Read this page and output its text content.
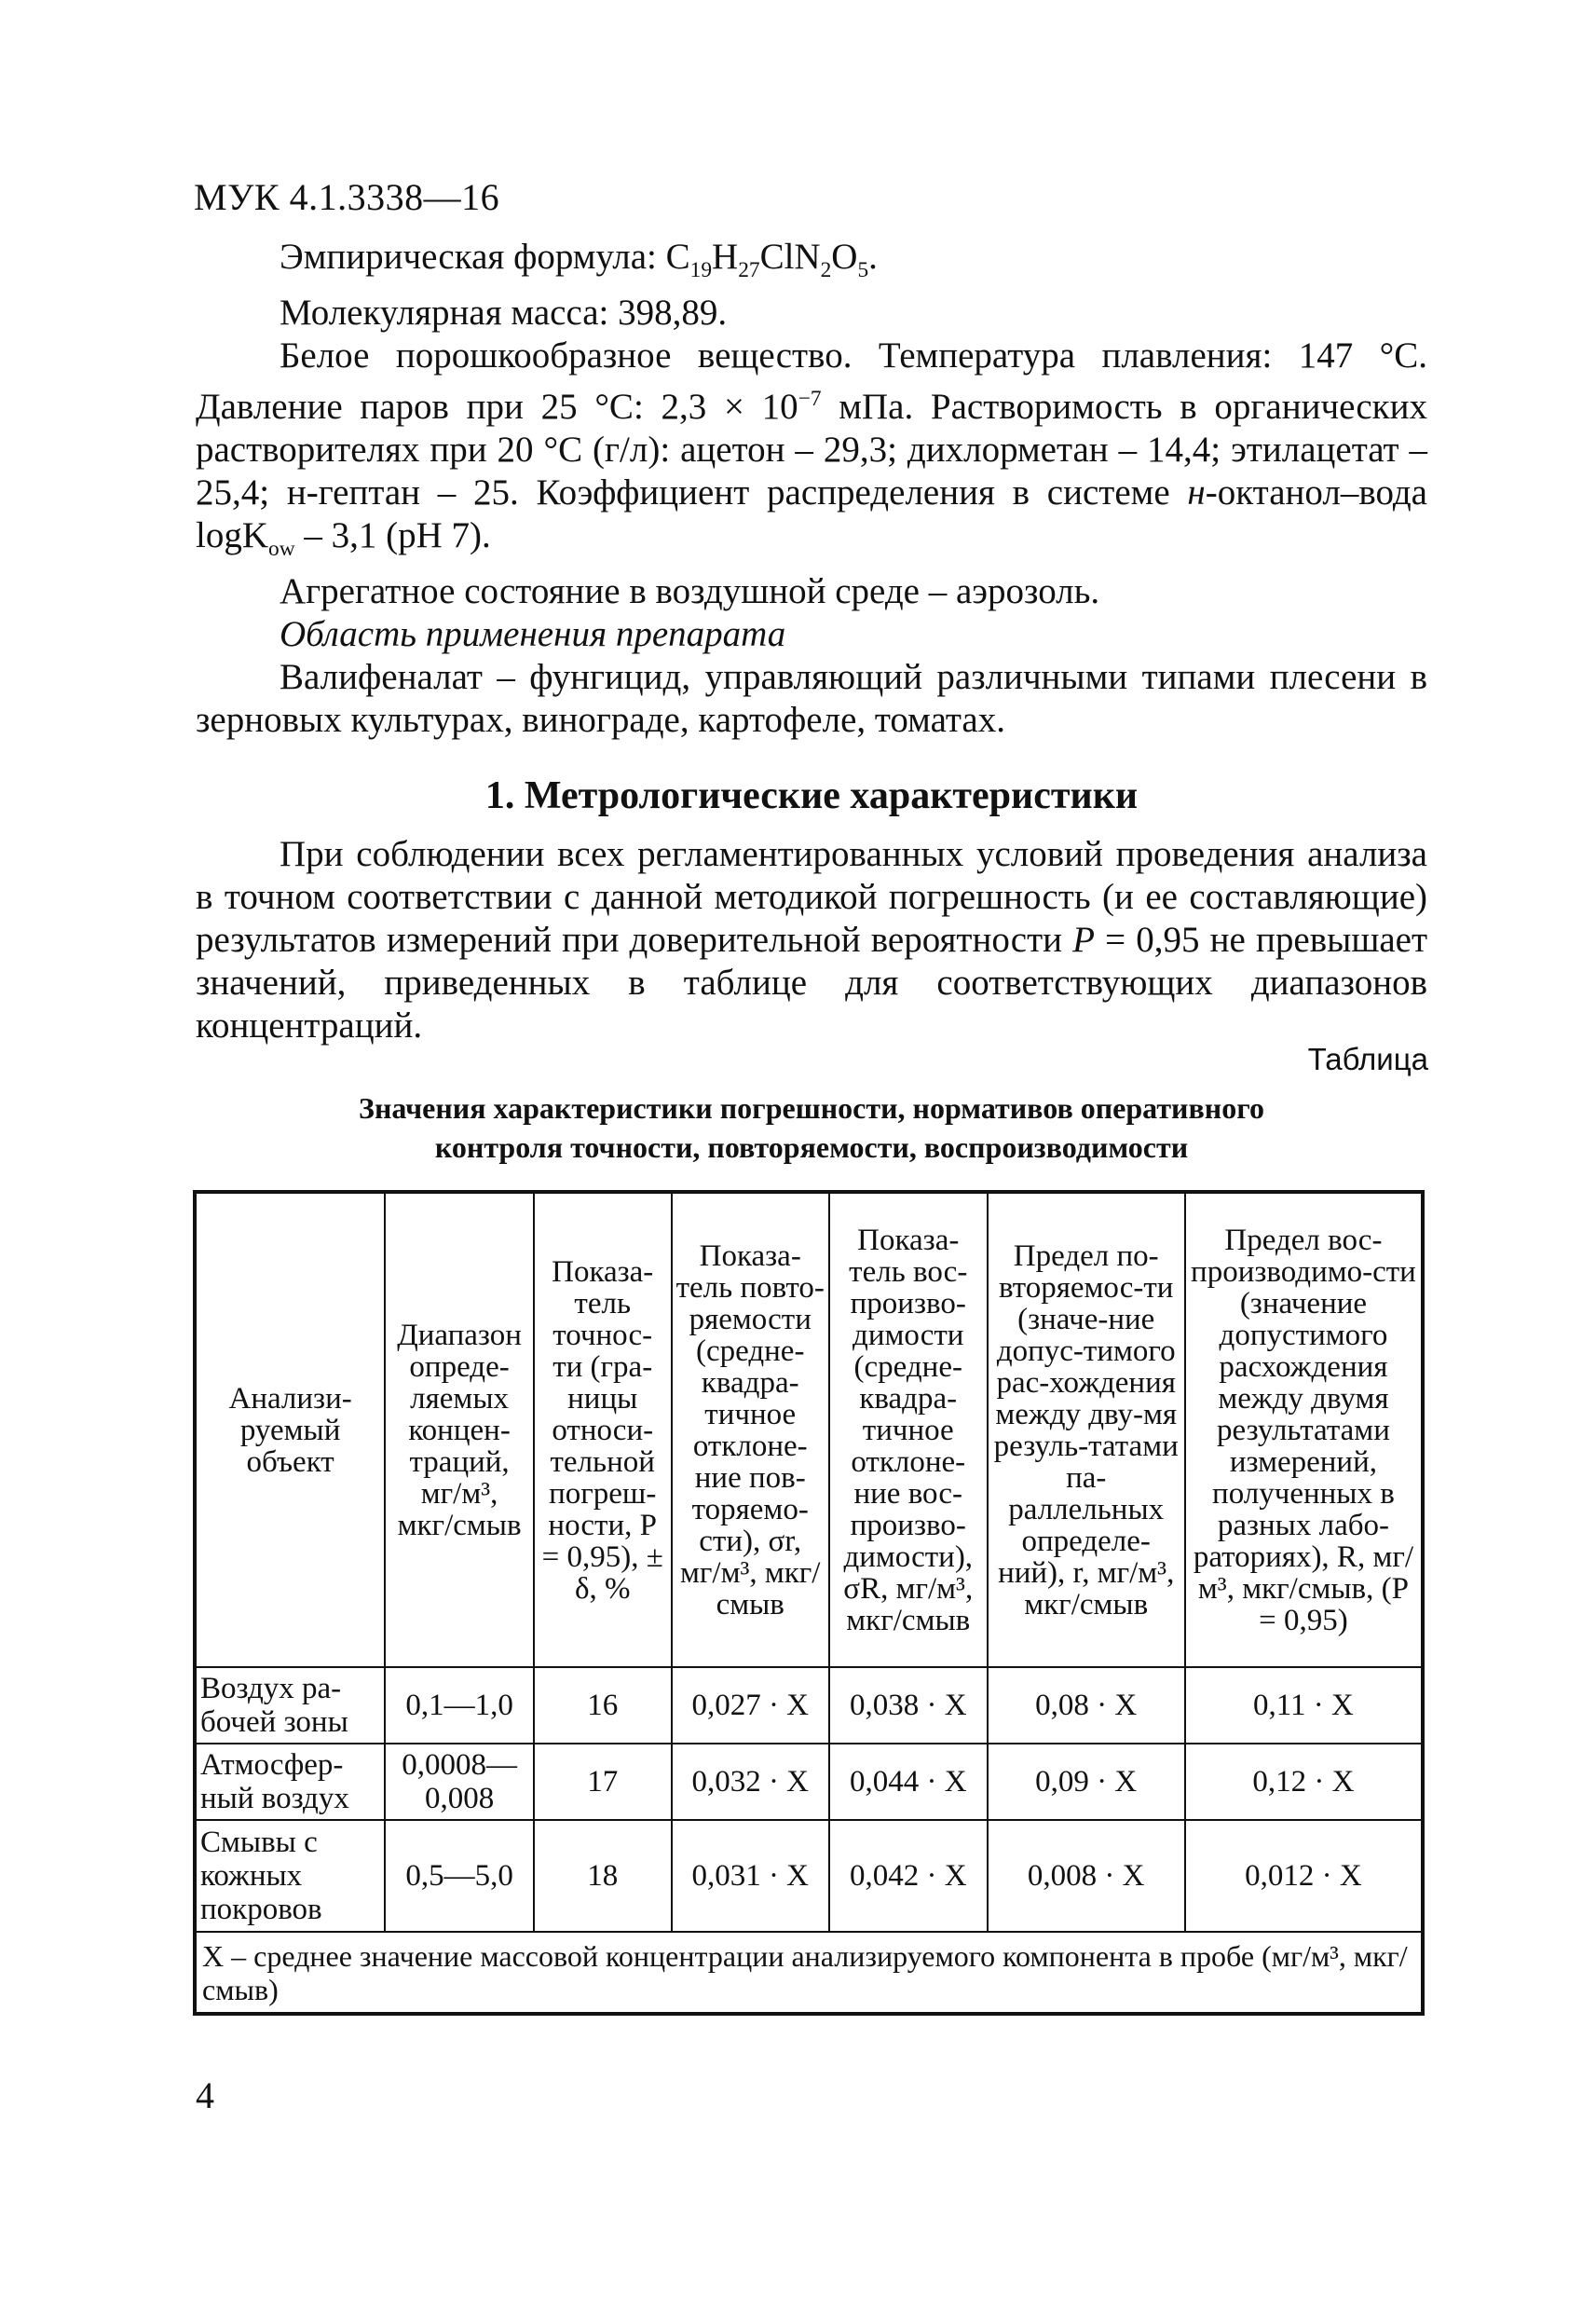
МУК 4.1.3338—16

Эмпирическая формула: $C_{19}H_{27}ClN_2O_5$.

Молекулярная масса: 398,89.

Белое порошкообразное вещество. Температура плавления: 147 °С. Давление паров при 25 °С: $2,3 \times 10^{-7}$ мПа. Растворимость в органических растворителях при 20 °С (г/л): ацетон – 29,3; дихлорметан – 14,4; этилацетат – 25,4; н-гептан – 25. Коэффициент распределения в системе н-октанол–вода logK$_{ow}$ – 3,1 (pH 7).

Агрегатное состояние в воздушной среде – аэрозоль.

Область применения препарата

Валифеналат – фунгицид, управляющий различными типами плесени в зерновых культурах, винограде, картофеле, томатах.

1. Метрологические характеристики

При соблюдении всех регламентированных условий проведения анализа в точном соответствии с данной методикой погрешность (и ее составляющие) результатов измерений при доверительной вероятности P = 0,95 не превышает значений, приведенных в таблице для соответствующих диапазонов концентраций.

Таблица
Значения характеристики погрешности, нормативов оперативного
контроля точности, повторяемости, воспроизводимости
Анализи-руемый объект	Диапазон опреде-ляемых концен-траций, мг/м³, мкг/смыв	Показа-тель точнос-ти (гра-ницы относи-тельной погреш-ности, P = 0,95), ± δ, %	Показа-тель повто-ряемости (средне-квадра-тичное отклоне-ние пов-торяемо-сти), σr, мг/м³, мкг/смыв	Показа-тель вос-произво-димости (средне-квадра-тичное отклоне-ние вос-произво-димости), σR, мг/м³, мкг/смыв	Предел по-вторяемос-ти (значе-ние допус-тимого рас-хождения между дву-мя резуль-татами па-раллельных определе-ний), r, мг/м³, мкг/смыв	Предел вос-производимо-сти (значение допустимого расхождения между двумя результатами измерений, полученных в разных лабо-раториях), R, мг/м³, мкг/смыв, (P = 0,95)
Воздух ра-бочей зоны	0,1—1,0	16	0,027 · X	0,038 · X	0,08 · X	0,11 · X
Атмосфер-ный воздух	0,0008—0,008	17	0,032 · X	0,044 · X	0,09 · X	0,12 · X
Смывы с кожных покровов	0,5—5,0	18	0,031 · X	0,042 · X	0,008 · X	0,012 · X
X – среднее значение массовой концентрации анализируемого компонента в пробе (мг/м³, мкг/смыв)						
4
